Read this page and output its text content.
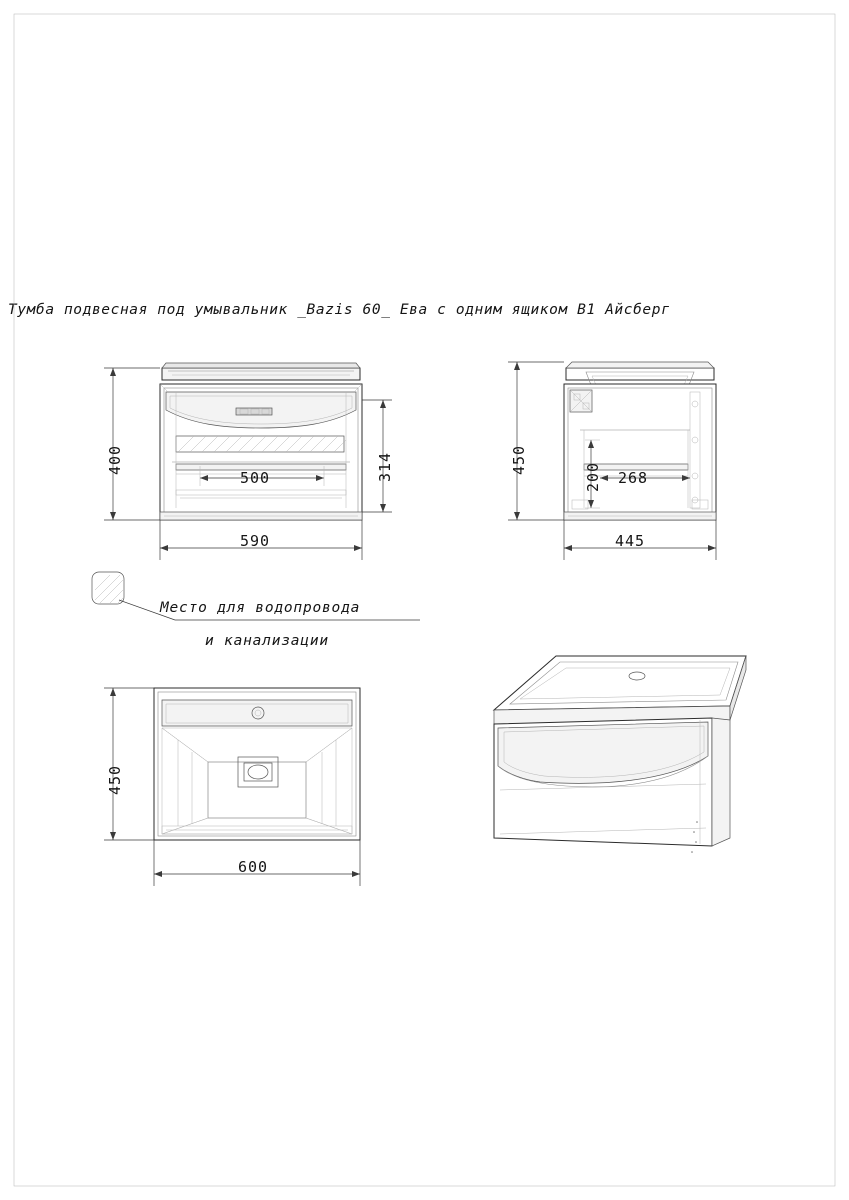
Тумба подвесная под умывальник _Bazis 60_ Ева с одним ящиком В1 Айсберг
400	314
500
590
450
200 268
445
450
600
Место для водопровода
и канализации
